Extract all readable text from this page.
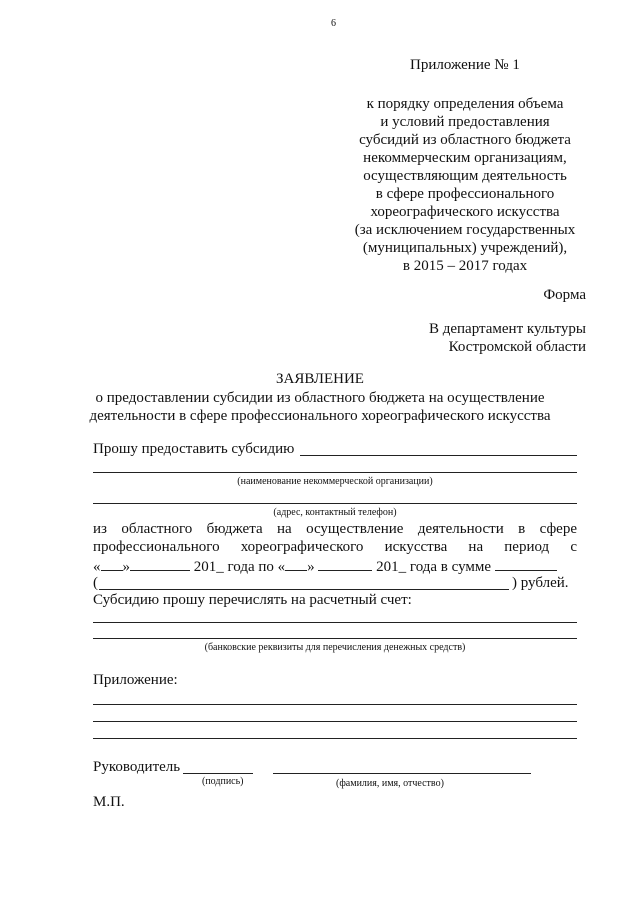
6
Приложение № 1
к порядку определения объема
и условий предоставления
субсидий из областного бюджета
некоммерческим организациям,
осуществляющим деятельность
в сфере профессионального
хореографического искусства
(за исключением государственных
(муниципальных) учреждений),
в 2015 – 2017 годах
Форма
В департамент культуры
Костромской области
ЗАЯВЛЕНИЕ
о предоставлении субсидии из областного бюджета на осуществление
деятельности в сфере профессионального хореографического искусства
Прошу предоставить субсидию
(наименование некоммерческой организации)
(адрес, контактный телефон)
из областного бюджета на осуществление деятельности в сфере
профессионального хореографического искусства на период с
« »	201_ года по « »	201_ года в сумме
(	) рублей.
Субсидию прошу перечислять на расчетный счет:
(банковские реквизиты для перечисления денежных средств)
Приложение:
Руководитель
(подпись)	(фамилия, имя, отчество)
М.П.
